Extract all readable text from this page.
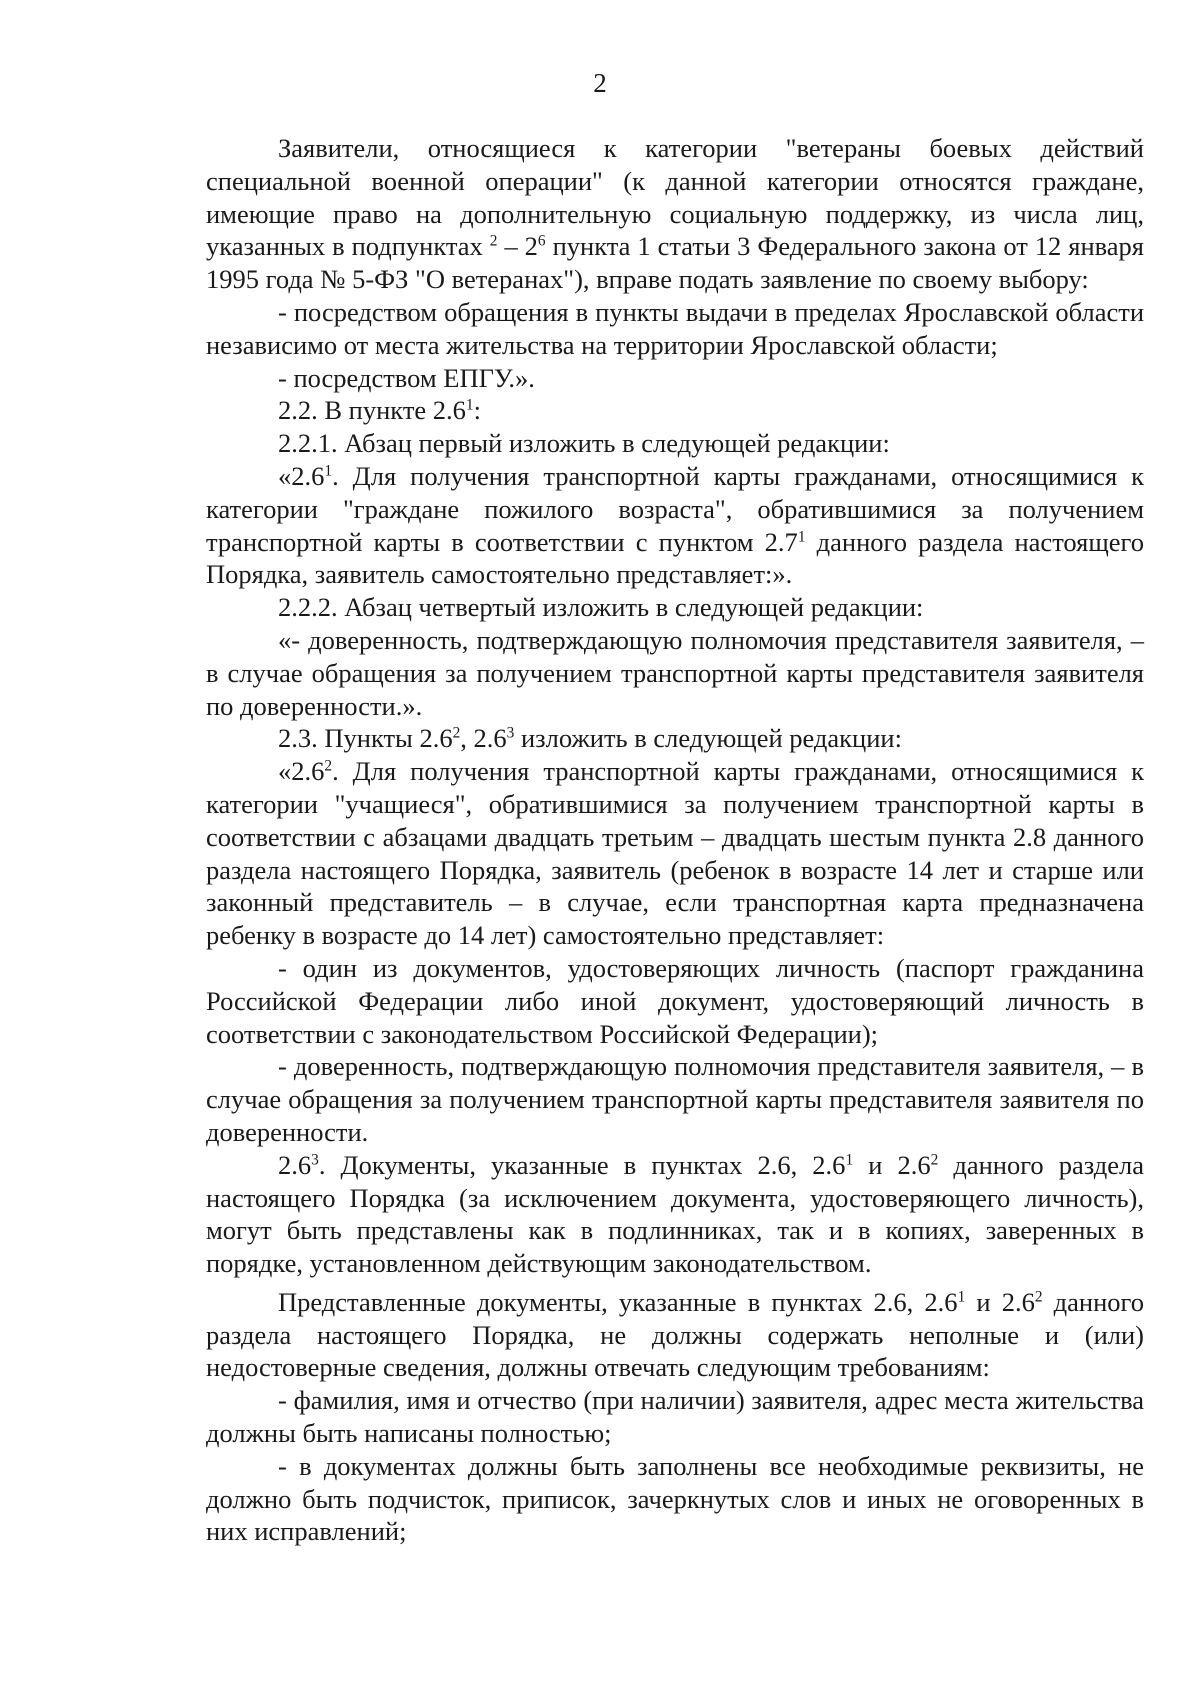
2

Заявители, относящиеся к категории "ветераны боевых действий специальной военной операции" (к данной категории относятся граждане, имеющие право на дополнительную социальную поддержку, из числа лиц, указанных в подпунктах $^2 - 2^6$ пункта 1 статьи 3 Федерального закона от 12 января 1995 года № 5-ФЗ "О ветеранах"), вправе подать заявление по своему выбору:

- посредством обращения в пункты выдачи в пределах Ярославской области независимо от места жительства на территории Ярославской области;

- посредством ЕПГУ.».

2.2. В пункте $2.6^1$:

2.2.1. Абзац первый изложить в следующей редакции:

«$2.6^1$. Для получения транспортной карты гражданами, относящимися к категории "граждане пожилого возраста", обратившимися за получением транспортной карты в соответствии с пунктом $2.7^1$ данного раздела настоящего Порядка, заявитель самостоятельно представляет:».

2.2.2. Абзац четвертый изложить в следующей редакции:

«- доверенность, подтверждающую полномочия представителя заявителя, – в случае обращения за получением транспортной карты представителя заявителя по доверенности.».

2.3. Пункты $2.6^2$, $2.6^3$ изложить в следующей редакции:

«$2.6^2$. Для получения транспортной карты гражданами, относящимися к категории "учащиеся", обратившимися за получением транспортной карты в соответствии с абзацами двадцать третьим – двадцать шестым пункта 2.8 данного раздела настоящего Порядка, заявитель (ребенок в возрасте 14 лет и старше или законный представитель – в случае, если транспортная карта предназначена ребенку в возрасте до 14 лет) самостоятельно представляет:

- один из документов, удостоверяющих личность (паспорт гражданина Российской Федерации либо иной документ, удостоверяющий личность в соответствии с законодательством Российской Федерации);

- доверенность, подтверждающую полномочия представителя заявителя, – в случае обращения за получением транспортной карты представителя заявителя по доверенности.

$2.6^3$. Документы, указанные в пунктах 2.6, $2.6^1$ и $2.6^2$ данного раздела настоящего Порядка (за исключением документа, удостоверяющего личность), могут быть представлены как в подлинниках, так и в копиях, заверенных в порядке, установленном действующим законодательством.

Представленные документы, указанные в пунктах 2.6, $2.6^1$ и $2.6^2$ данного раздела настоящего Порядка, не должны содержать неполные и (или) недостоверные сведения, должны отвечать следующим требованиям:

- фамилия, имя и отчество (при наличии) заявителя, адрес места жительства должны быть написаны полностью;

- в документах должны быть заполнены все необходимые реквизиты, не должно быть подчисток, приписок, зачеркнутых слов и иных не оговоренных в них исправлений;
